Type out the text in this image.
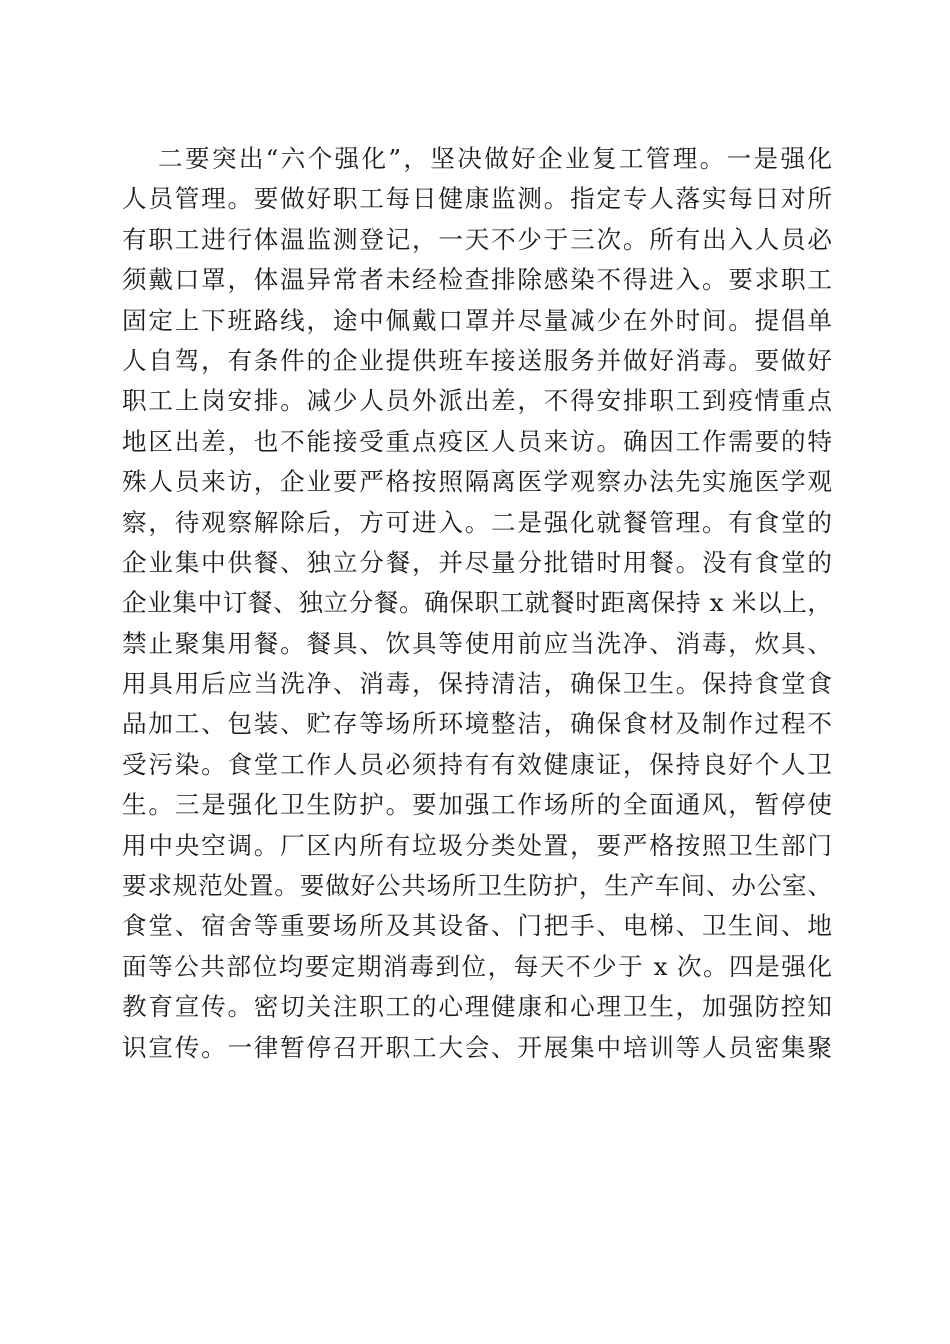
二要突出“六个强化”，坚决做好企业复工管理。一是强化
人员管理。要做好职工每日健康监测。指定专人落实每日对所
有职工进行体温监测登记，一天不少于三次。所有出入人员必
须戴口罩，体温异常者未经检查排除感染不得进入。要求职工
固定上下班路线，途中佩戴口罩并尽量减少在外时间。提倡单
人自驾，有条件的企业提供班车接送服务并做好消毒。要做好
职工上岗安排。减少人员外派出差，不得安排职工到疫情重点
地区出差，也不能接受重点疫区人员来访。确因工作需要的特
殊人员来访，企业要严格按照隔离医学观察办法先实施医学观
察，待观察解除后，方可进入。二是强化就餐管理。有食堂的
企业集中供餐、独立分餐，并尽量分批错时用餐。没有食堂的
企业集中订餐、独立分餐。确保职工就餐时距离保持 x 米以上，
禁止聚集用餐。餐具、饮具等使用前应当洗净、消毒，炊具、
用具用后应当洗净、消毒，保持清洁，确保卫生。保持食堂食
品加工、包装、贮存等场所环境整洁，确保食材及制作过程不
受污染。食堂工作人员必须持有有效健康证，保持良好个人卫
生。三是强化卫生防护。要加强工作场所的全面通风，暂停使
用中央空调。厂区内所有垃圾分类处置，要严格按照卫生部门
要求规范处置。要做好公共场所卫生防护，生产车间、办公室、
食堂、宿舍等重要场所及其设备、门把手、电梯、卫生间、地
面等公共部位均要定期消毒到位，每天不少于 x 次。四是强化
教育宣传。密切关注职工的心理健康和心理卫生，加强防控知
识宣传。一律暂停召开职工大会、开展集中培训等人员密集聚
